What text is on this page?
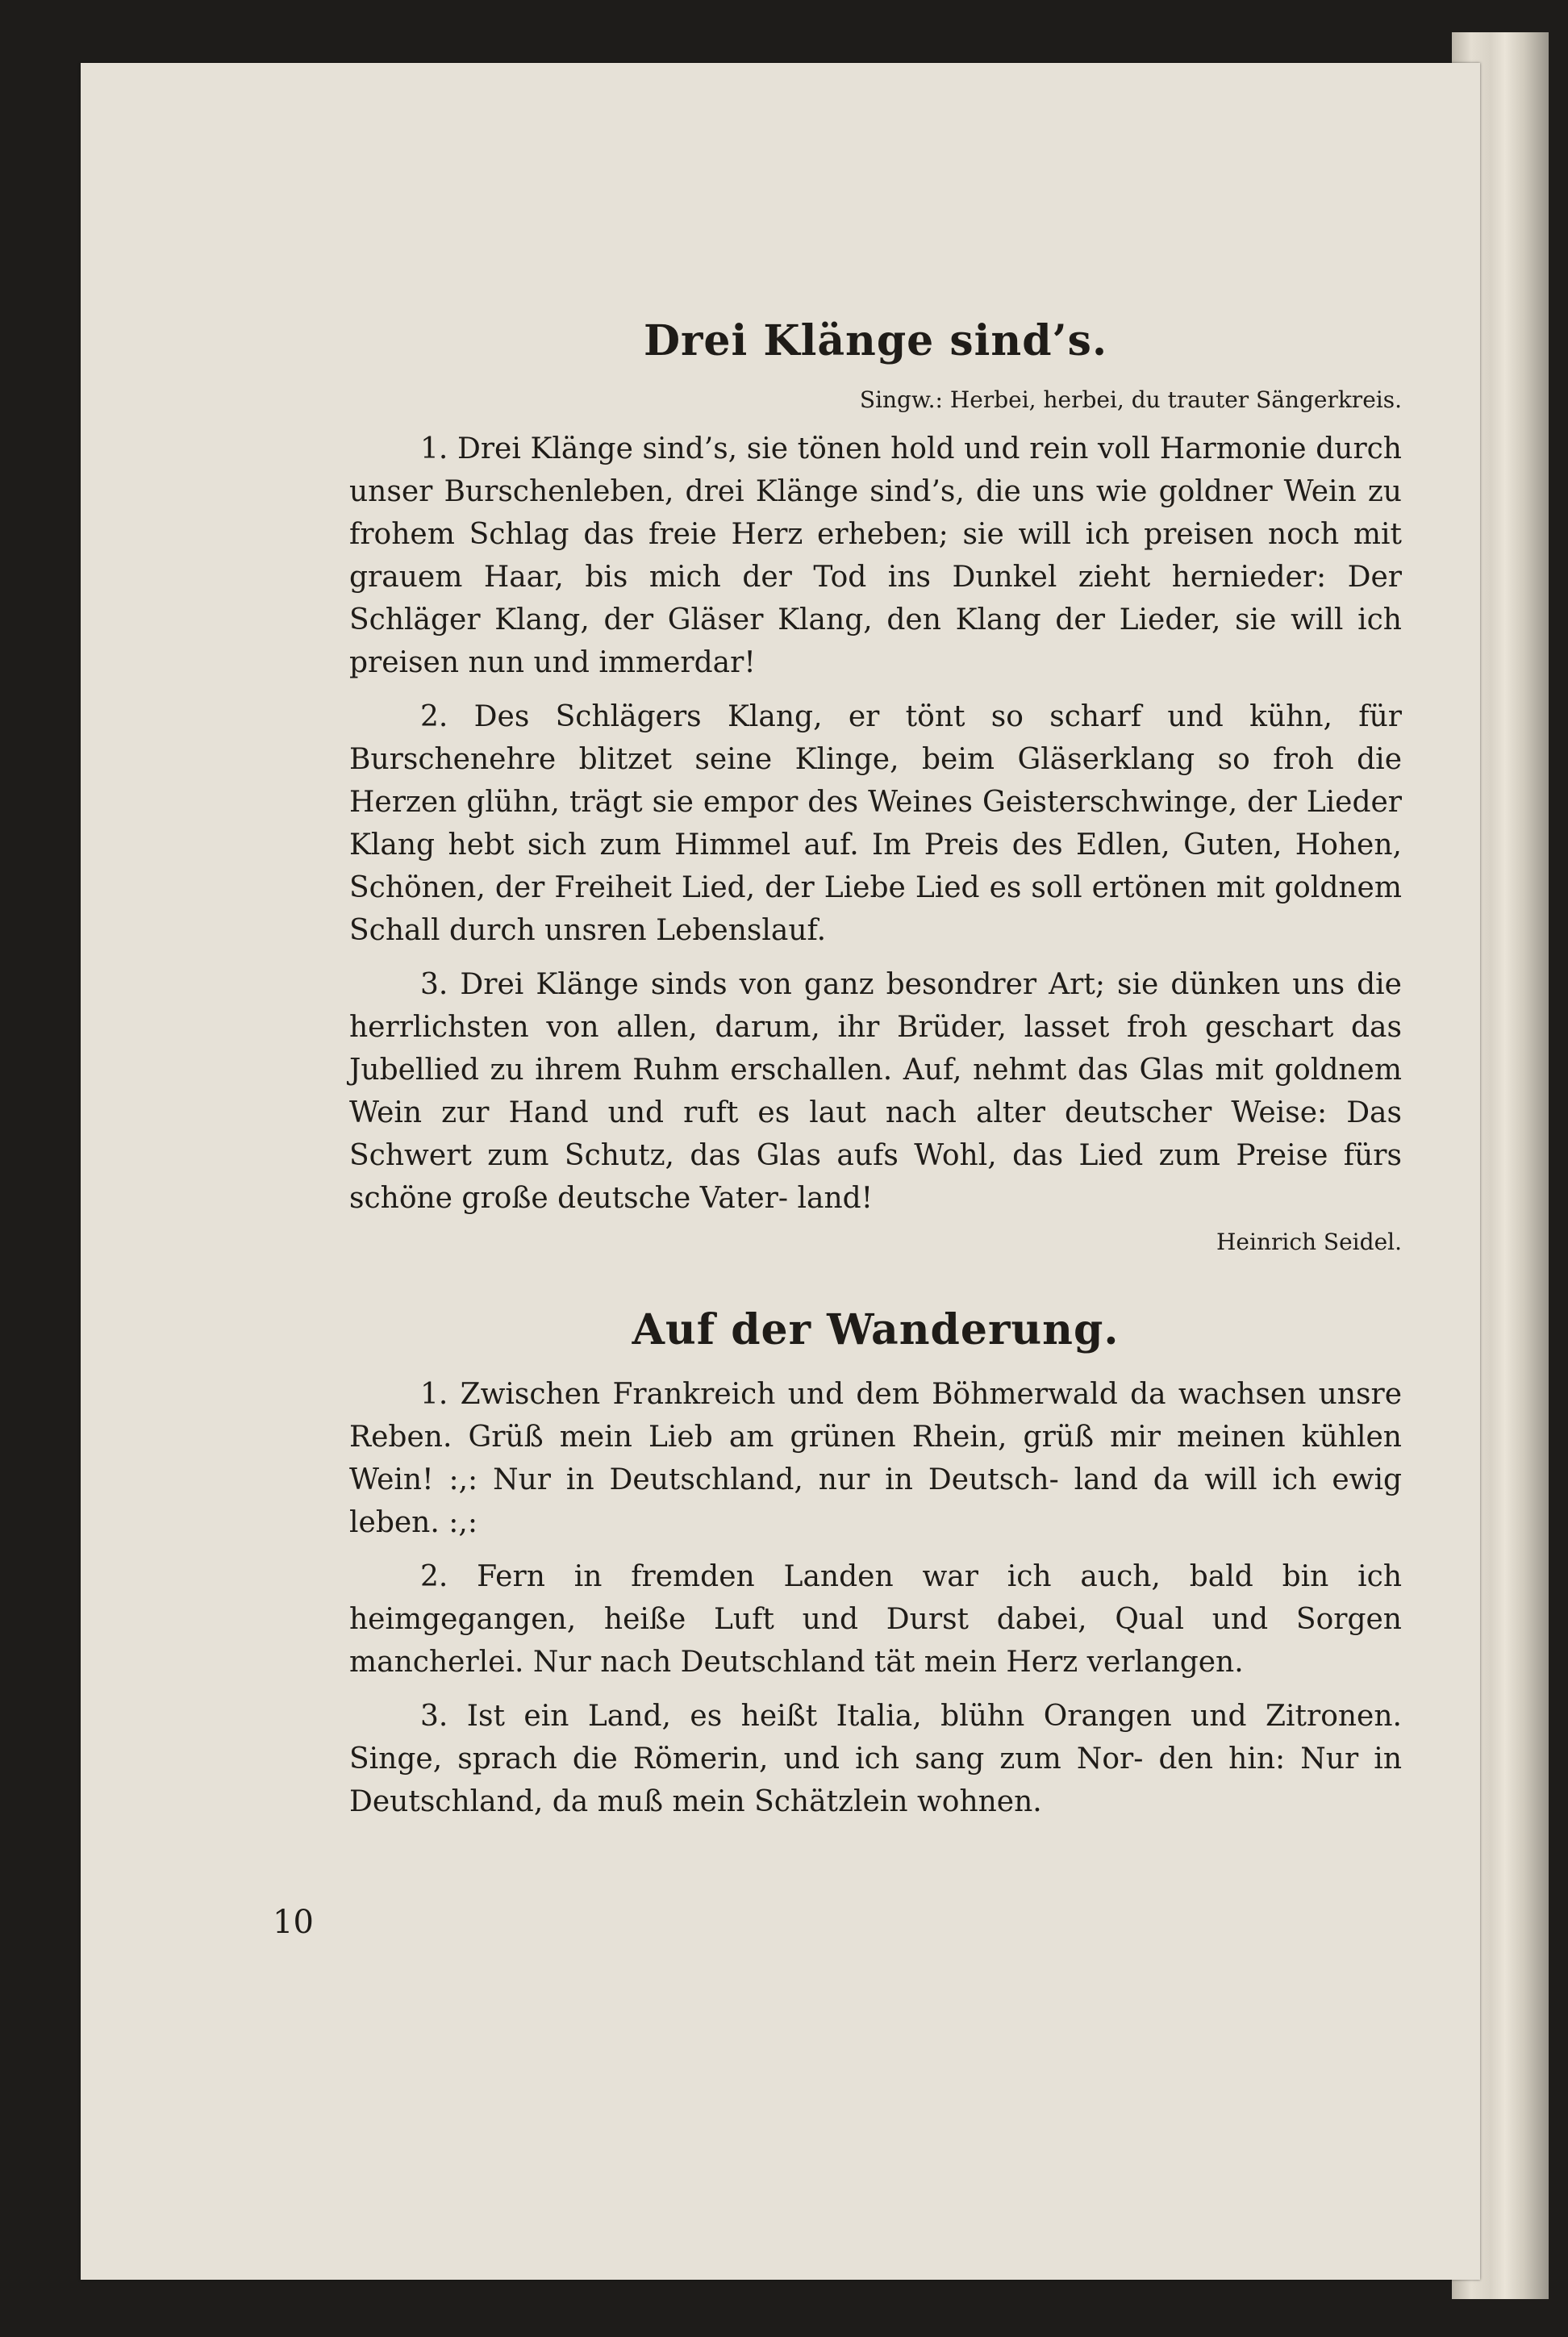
Drei Klänge sind’s.
Singw.: Herbei, herbei, du trauter Sängerkreis.

1. Drei Klänge sind’s, sie tönen hold und rein voll Harmonie durch unser Burschenleben, drei Klänge sind’s, die uns wie goldner Wein zu frohem Schlag das freie Herz erheben; sie will ich preisen noch mit grauem Haar, bis mich der Tod ins Dunkel zieht hernieder: Der Schläger Klang, der Gläser Klang, den Klang der Lieder, sie will ich preisen nun und immerdar!

2. Des Schlägers Klang, er tönt so scharf und kühn, für Burschenehre blitzet seine Klinge, beim Gläserklang so froh die Herzen glühn, trägt sie empor des Weines Geisterschwinge, der Lieder Klang hebt sich zum Himmel auf. Im Preis des Edlen, Guten, Hohen, Schönen, der Freiheit Lied, der Liebe Lied es soll ertönen mit goldnem Schall durch unsren Lebenslauf.

3. Drei Klänge sinds von ganz besondrer Art; sie dünken uns die herrlichsten von allen, darum, ihr Brüder, lasset froh geschart das Jubellied zu ihrem Ruhm erschallen. Auf, nehmt das Glas mit goldnem Wein zur Hand und ruft es laut nach alter deutscher Weise: Das Schwert zum Schutz, das Glas aufs Wohl, das Lied zum Preise fürs schöne große deutsche Vater- land!

Heinrich Seidel.
Auf der Wanderung.

1. Zwischen Frankreich und dem Böhmerwald da wachsen unsre Reben. Grüß mein Lieb am grünen Rhein, grüß mir meinen kühlen Wein! :,: Nur in Deutschland, nur in Deutsch- land da will ich ewig leben. :,:

2. Fern in fremden Landen war ich auch, bald bin ich heimgegangen, heiße Luft und Durst dabei, Qual und Sorgen mancherlei. Nur nach Deutschland tät mein Herz verlangen.

3. Ist ein Land, es heißt Italia, blühn Orangen und Zitronen. Singe, sprach die Römerin, und ich sang zum Nor- den hin: Nur in Deutschland, da muß mein Schätzlein wohnen.

10
